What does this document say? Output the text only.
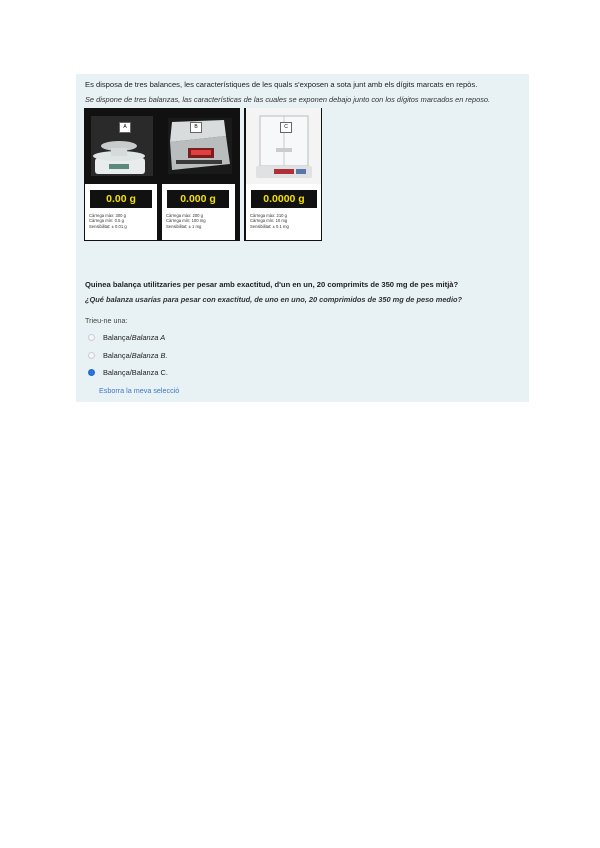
Es disposa de tres balances, les característiques de les quals s'exposen a sota junt amb els dígits marcats en repòs.
Se dispone de tres balanzas, las características de las cuales se exponen debajo junto con los dígitos marcados en reposo.
A
0.00 g
Càrrega màx: 300 g
Càrrega mín: 0.5 g
Sensibilitat: ± 0.01 g
B
0.000 g
Càrrega màx: 200 g
Càrrega mín: 100 mg
Sensibilitat: ± 1 mg
C
0.0000 g
Càrrega màx: 210 g
Càrrega mín: 10 mg
Sensibilitat: ± 0.1 mg
Quinea balança utilitzaries per pesar amb exactitud, d'un en un, 20 comprimits de 350 mg de pes mitjà?
¿Qué balanza usarías para pesar con exactitud, de uno en uno, 20 comprimidos de 350 mg de peso medio?
Trieu-ne una:
Balança/Balanza A
Balança/Balanza B.
Balança/Balanza C.
Esborra la meva selecció
